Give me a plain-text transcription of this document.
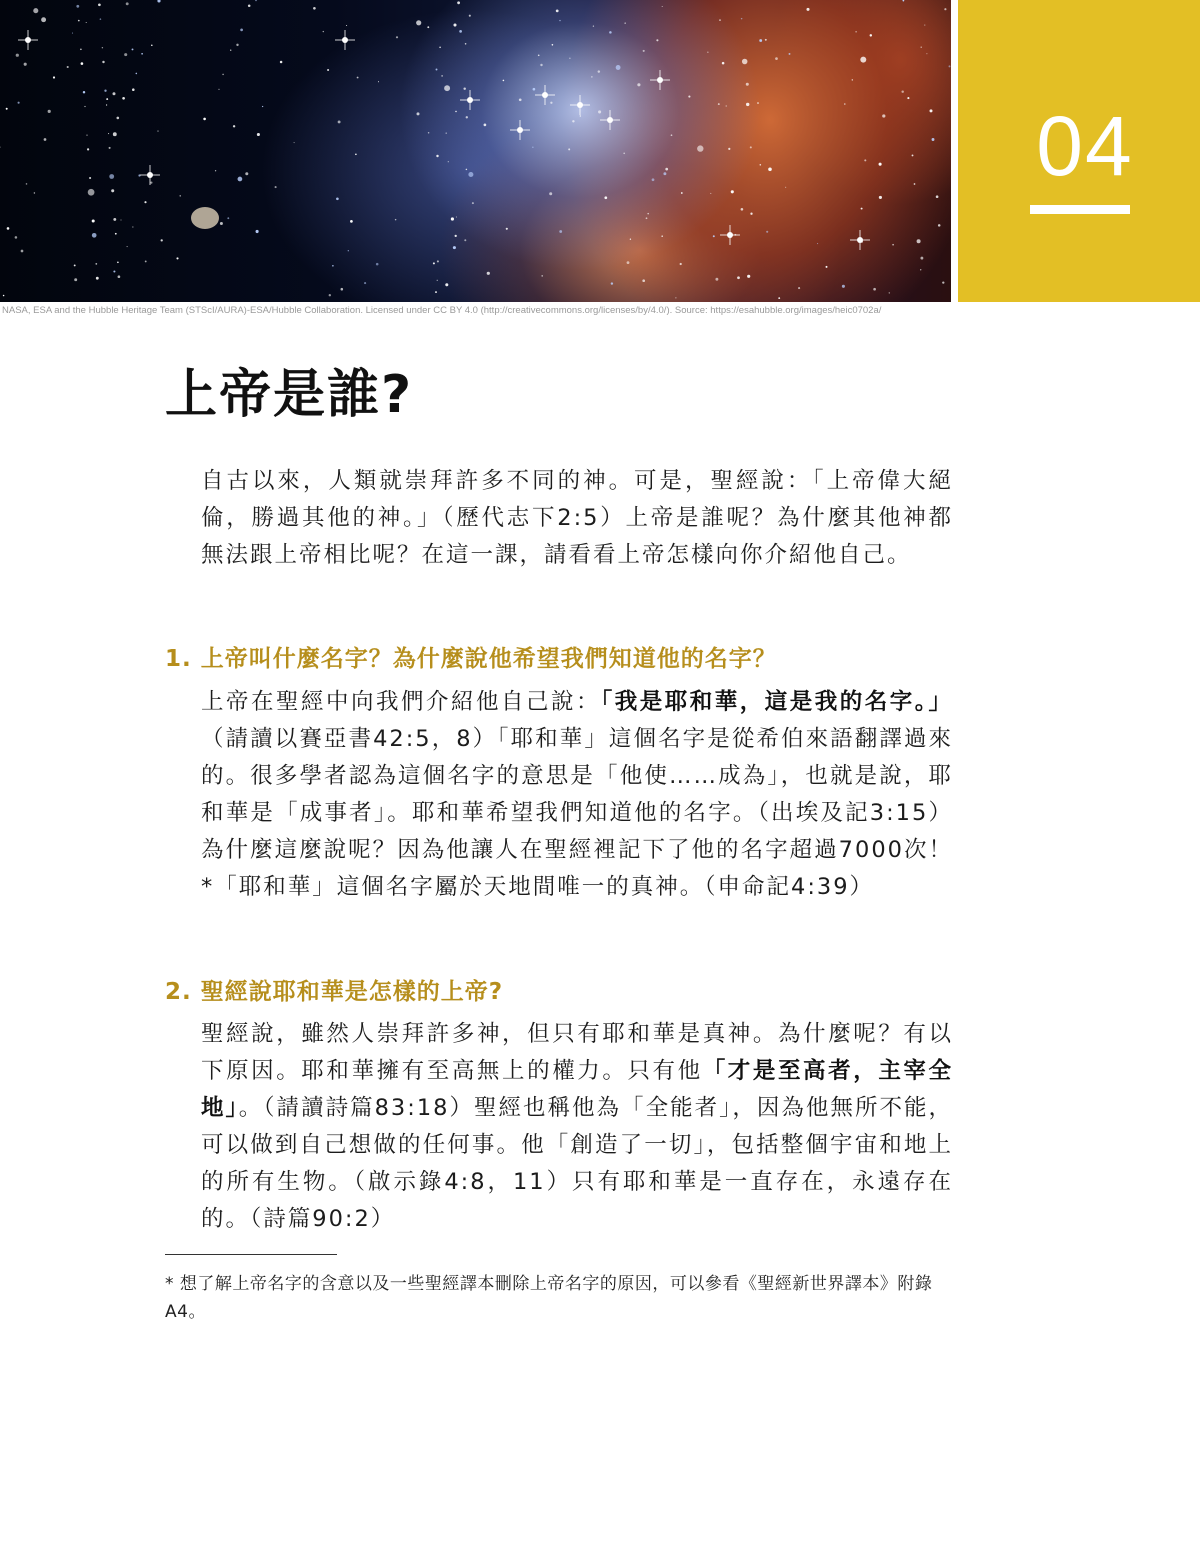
NASA, ESA and the Hubble Heritage Team (STScI/AURA)-ESA/Hubble Collaboration. Licensed under CC BY 4.0 (http://creativecommons.org/licenses/by/4.0/). Source: https://esahubble.org/images/heic0702a/
04
上帝是誰?

自古以來，人類就崇拜許多不同的神。可是，聖經說：「上帝偉大絕倫，勝過其他的神。」（歷代志下2:5）上帝是誰呢？為什麼其他神都無法跟上帝相比呢？在這一課，請看看上帝怎樣向你介紹他自己。

1. 上帝叫什麼名字？為什麼說他希望我們知道他的名字？

上帝在聖經中向我們介紹他自己說：「我是耶和華，這是我的名字。」（請讀以賽亞書42:5，8）「耶和華」這個名字是從希伯來語翻譯過來的。很多學者認為這個名字的意思是「他使……成為」，也就是說，耶和華是「成事者」。耶和華希望我們知道他的名字。（出埃及記3:15）為什麼這麼說呢？因為他讓人在聖經裡記下了他的名字超過7000次！*「耶和華」這個名字屬於天地間唯一的真神。（申命記4:39）

2. 聖經說耶和華是怎樣的上帝?

聖經說，雖然人崇拜許多神，但只有耶和華是真神。為什麼呢？有以下原因。耶和華擁有至高無上的權力。只有他「才是至高者，主宰全地」。（請讀詩篇83:18）聖經也稱他為「全能者」，因為他無所不能，可以做到自己想做的任何事。他「創造了一切」，包括整個宇宙和地上的所有生物。（啟示錄4:8，11）只有耶和華是一直存在，永遠存在的。（詩篇90:2）

* 想了解上帝名字的含意以及一些聖經譯本刪除上帝名字的原因，可以參看《聖經新世界譯本》附錄A4。
